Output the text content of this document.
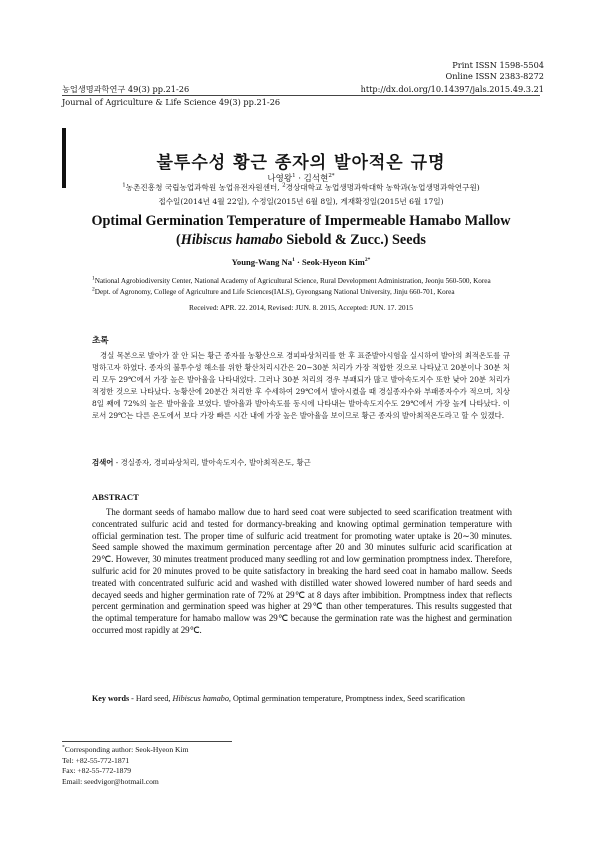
Print ISSN 1598-5504
Online ISSN 2383-8272
농업생명과학연구 49(3) pp.21-26	http://dx.doi.org/10.14397/jals.2015.49.3.21
Journal of Agriculture & Life Science 49(3) pp.21-26
불투수성 황근 종자의 발아적온 규명
나영왕$^1$ · 김석현$^{2*}$
$^1$농촌진흥청 국립농업과학원 농업유전자원센터, $^2$경상대학교 농업생명과학대학 농학과(농업생명과학연구원)
접수일(2014년 4월 22일), 수정일(2015년 6월 8일), 게재확정일(2015년 6월 17일)
Optimal Germination Temperature of Impermeable Hamabo Mallow
(Hibiscus hamabo Siebold & Zucc.) Seeds
Young-Wang $Na^1$ · Seok-Hyeon Kim$^{2*}$
$^1$National Agrobiodiversity Center, National Academy of Agricultural Science, Rural Development Administration, Jeonju 560-500, Korea
$^2$Dept. of Agronomy, College of Agriculture and Life Sciences(IALS), Gyeongsang National University, Jinju 660-701, Korea
Received: APR. 22. 2014, Revised: JUN. 8. 2015, Accepted: JUN. 17. 2015
초록
경실 목본으로 발아가 잘 안 되는 황근 종자를 농황산으로 경피파상처리를 한 후 표준발아시험을 실시하여 발아의 최적온도를 규명하고자 하였다. 종자의 불투수성 해소를 위한 황산처리시간은 20~30분 처리가 가장 적합한 것으로 나타났고 20분이나 30분 처리 모두 29℃에서 가장 높은 발아율을 나타내었다. 그러나 30분 처리의 경우 부패되가 많고 발아속도지수 또한 낮아 20분 처리가 적정한 것으로 나타났다. 농황산에 20분간 처리한 후 수세하여 29℃에서 발아시켰을 때 경실종자수와 부패종자수가 적으며, 치상 8일 째에 72%의 높은 발아율을 보였다. 발아율과 발아속도를 동시에 나타내는 발아속도지수도 29℃에서 가장 높게 나타났다. 이로서 29℃는 다른 온도에서 보다 가장 빠른 시간 내에 가장 높은 발아율을 보이므로 황근 종자의 발아최적온도라고 할 수 있겠다.
검색어 - 경실종자, 경피파상처리, 발아속도지수, 발아최적온도, 황근
ABSTRACT
The dormant seeds of hamabo mallow due to hard seed coat were subjected to seed scarification treatment with concentrated sulfuric acid and tested for dormancy-breaking and knowing optimal germination temperature with official germination test. The proper time of sulfuric acid treatment for promoting water uptake is 20∼30 minutes. Seed sample showed the maximum germination percentage after 20 and 30 minutes sulfuric acid scarification at 29℃. However, 30 minutes treatment produced many seedling rot and low germination promptness index. Therefore, sulfuric acid for 20 minutes proved to be quite satisfactory in breaking the hard seed coat in hamabo mallow. Seeds treated with concentrated sulfuric acid and washed with distilled water showed lowered number of hard seeds and decayed seeds and higher germination rate of 72% at 29℃ at 8 days after imbibition. Promptness index that reflects percent germination and germination speed was higher at 29℃ than other temperatures. This results suggested that the optimal temperature for hamabo mallow was 29℃ because the germination rate was the highest and germination occurred most rapidly at 29℃.
Key words - Hard seed, Hibiscus hamabo, Optimal germination temperature, Promptness index, Seed scarification
*Corresponding author: Seok-Hyeon Kim
Tel: +82-55-772-1871
Fax: +82-55-772-1879
Email: seedvigor@hotmail.com
